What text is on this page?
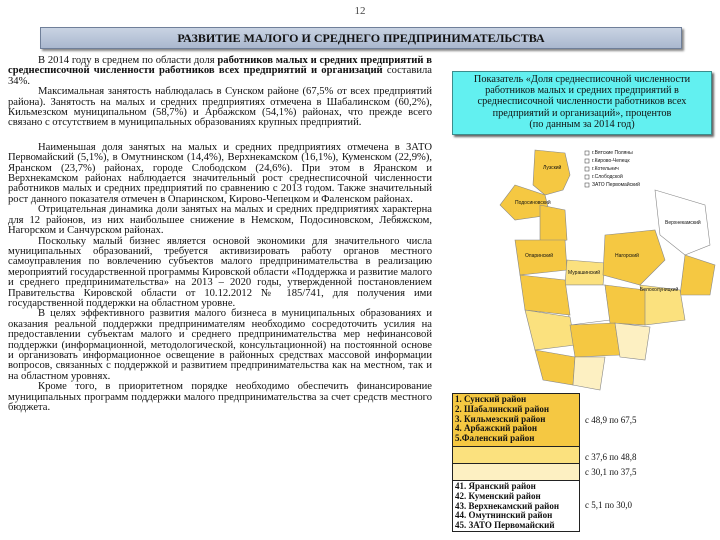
12
РАЗВИТИЕ МАЛОГО И СРЕДНЕГО ПРЕДПРИНИМАТЕЛЬСТВА

В 2014 году в среднем по области доля работников малых и средних предприятий в среднесписочной численности работников всех предприятий и организаций составила 34%.

Максимальная занятость наблюдалась в Сунском районе (67,5% от всех предприятий района). Занятость на малых и средних предприятиях отмечена в Шабалинском (60,2%), Кильмезском муниципальном (58,7%) и Арбажском (54,1%) районах, что прежде всего связано с отсутствием в муниципальных образованиях крупных предприятий.

Наименьшая доля занятых на малых и средних предприятиях отмечена в ЗАТО Первомайский (5,1%), в Омутнинском (14,4%), Верхнекамском (16,1%), Куменском (22,9%), Яранском (23,7%) районах, городе Слободском (24,6%). При этом в Яранском и Верхнекамском районах наблюдается значительный рост среднесписочной численности работников малых и средних предприятий по сравнению с 2013 годом. Также значительный рост данного показателя отмечен в Опаринском, Кирово-Чепецком и Фаленском районах.

Отрицательная динамика доли занятых на малых и средних предприятиях характерна для 12 районов, из них наибольшее снижение в Немском, Подосиновском, Лебяжском, Нагорском и Санчурском районах.

Поскольку малый бизнес является основой экономики для значительного числа муниципальных образований, требуется активизировать работу органов местного самоуправления по вовлечению субъектов малого предпринимательства в реализацию мероприятий государственной программы Кировской области «Поддержка и развитие малого и среднего предпринимательства» на 2013 – 2020 годы, утвержденной постановлением Правительства Кировской области от 10.12.2012 № 185/741, для получения ими государственной поддержки на областном уровне.

В целях эффективного развития малого бизнеса в муниципальных образованиях и оказания реальной поддержки предпринимателям необходимо сосредоточить усилия на предоставлении субъектам малого и среднего предпринимательства мер нефинансовой поддержки (информационной, методологической, консультационной) на постоянной основе и организовать информационное освещение в районных средствах массовой информации вопросов, связанных с поддержкой и развитием предпринимательства как на местном, так и на областном уровнях.

Кроме того, в приоритетном порядке необходимо обеспечить финансирование муниципальных программ поддержки малого предпринимательства за счет средств местного бюджета.

Показатель «Доля среднесписочной численности работников малых и средних предприятий в среднесписочной численности работников всех предприятий и организаций», процентов
(по данным за 2014 год)
г.Вятские Поляны
г.Кирово-Чепецк
г.Котельнич
г.Слободской
ЗАТО Первомайский
Лузский
Подосиновский
Опаринский
Мурашинский
Нагорский
Верхнекамский
Белохолуницкий
1. Сунский район
2. Шабалинский район
3. Кильмезский район
4. Арбажский район
5.Фаленский район
41. Яранский район
42. Куменский район
43. Верхнекамский район
44. Омутнинский район
45. ЗАТО Первомайский
с 48,9 по 67,5
с 37,6 по 48,8
с 30,1 по 37,5
с 5,1 по 30,0
